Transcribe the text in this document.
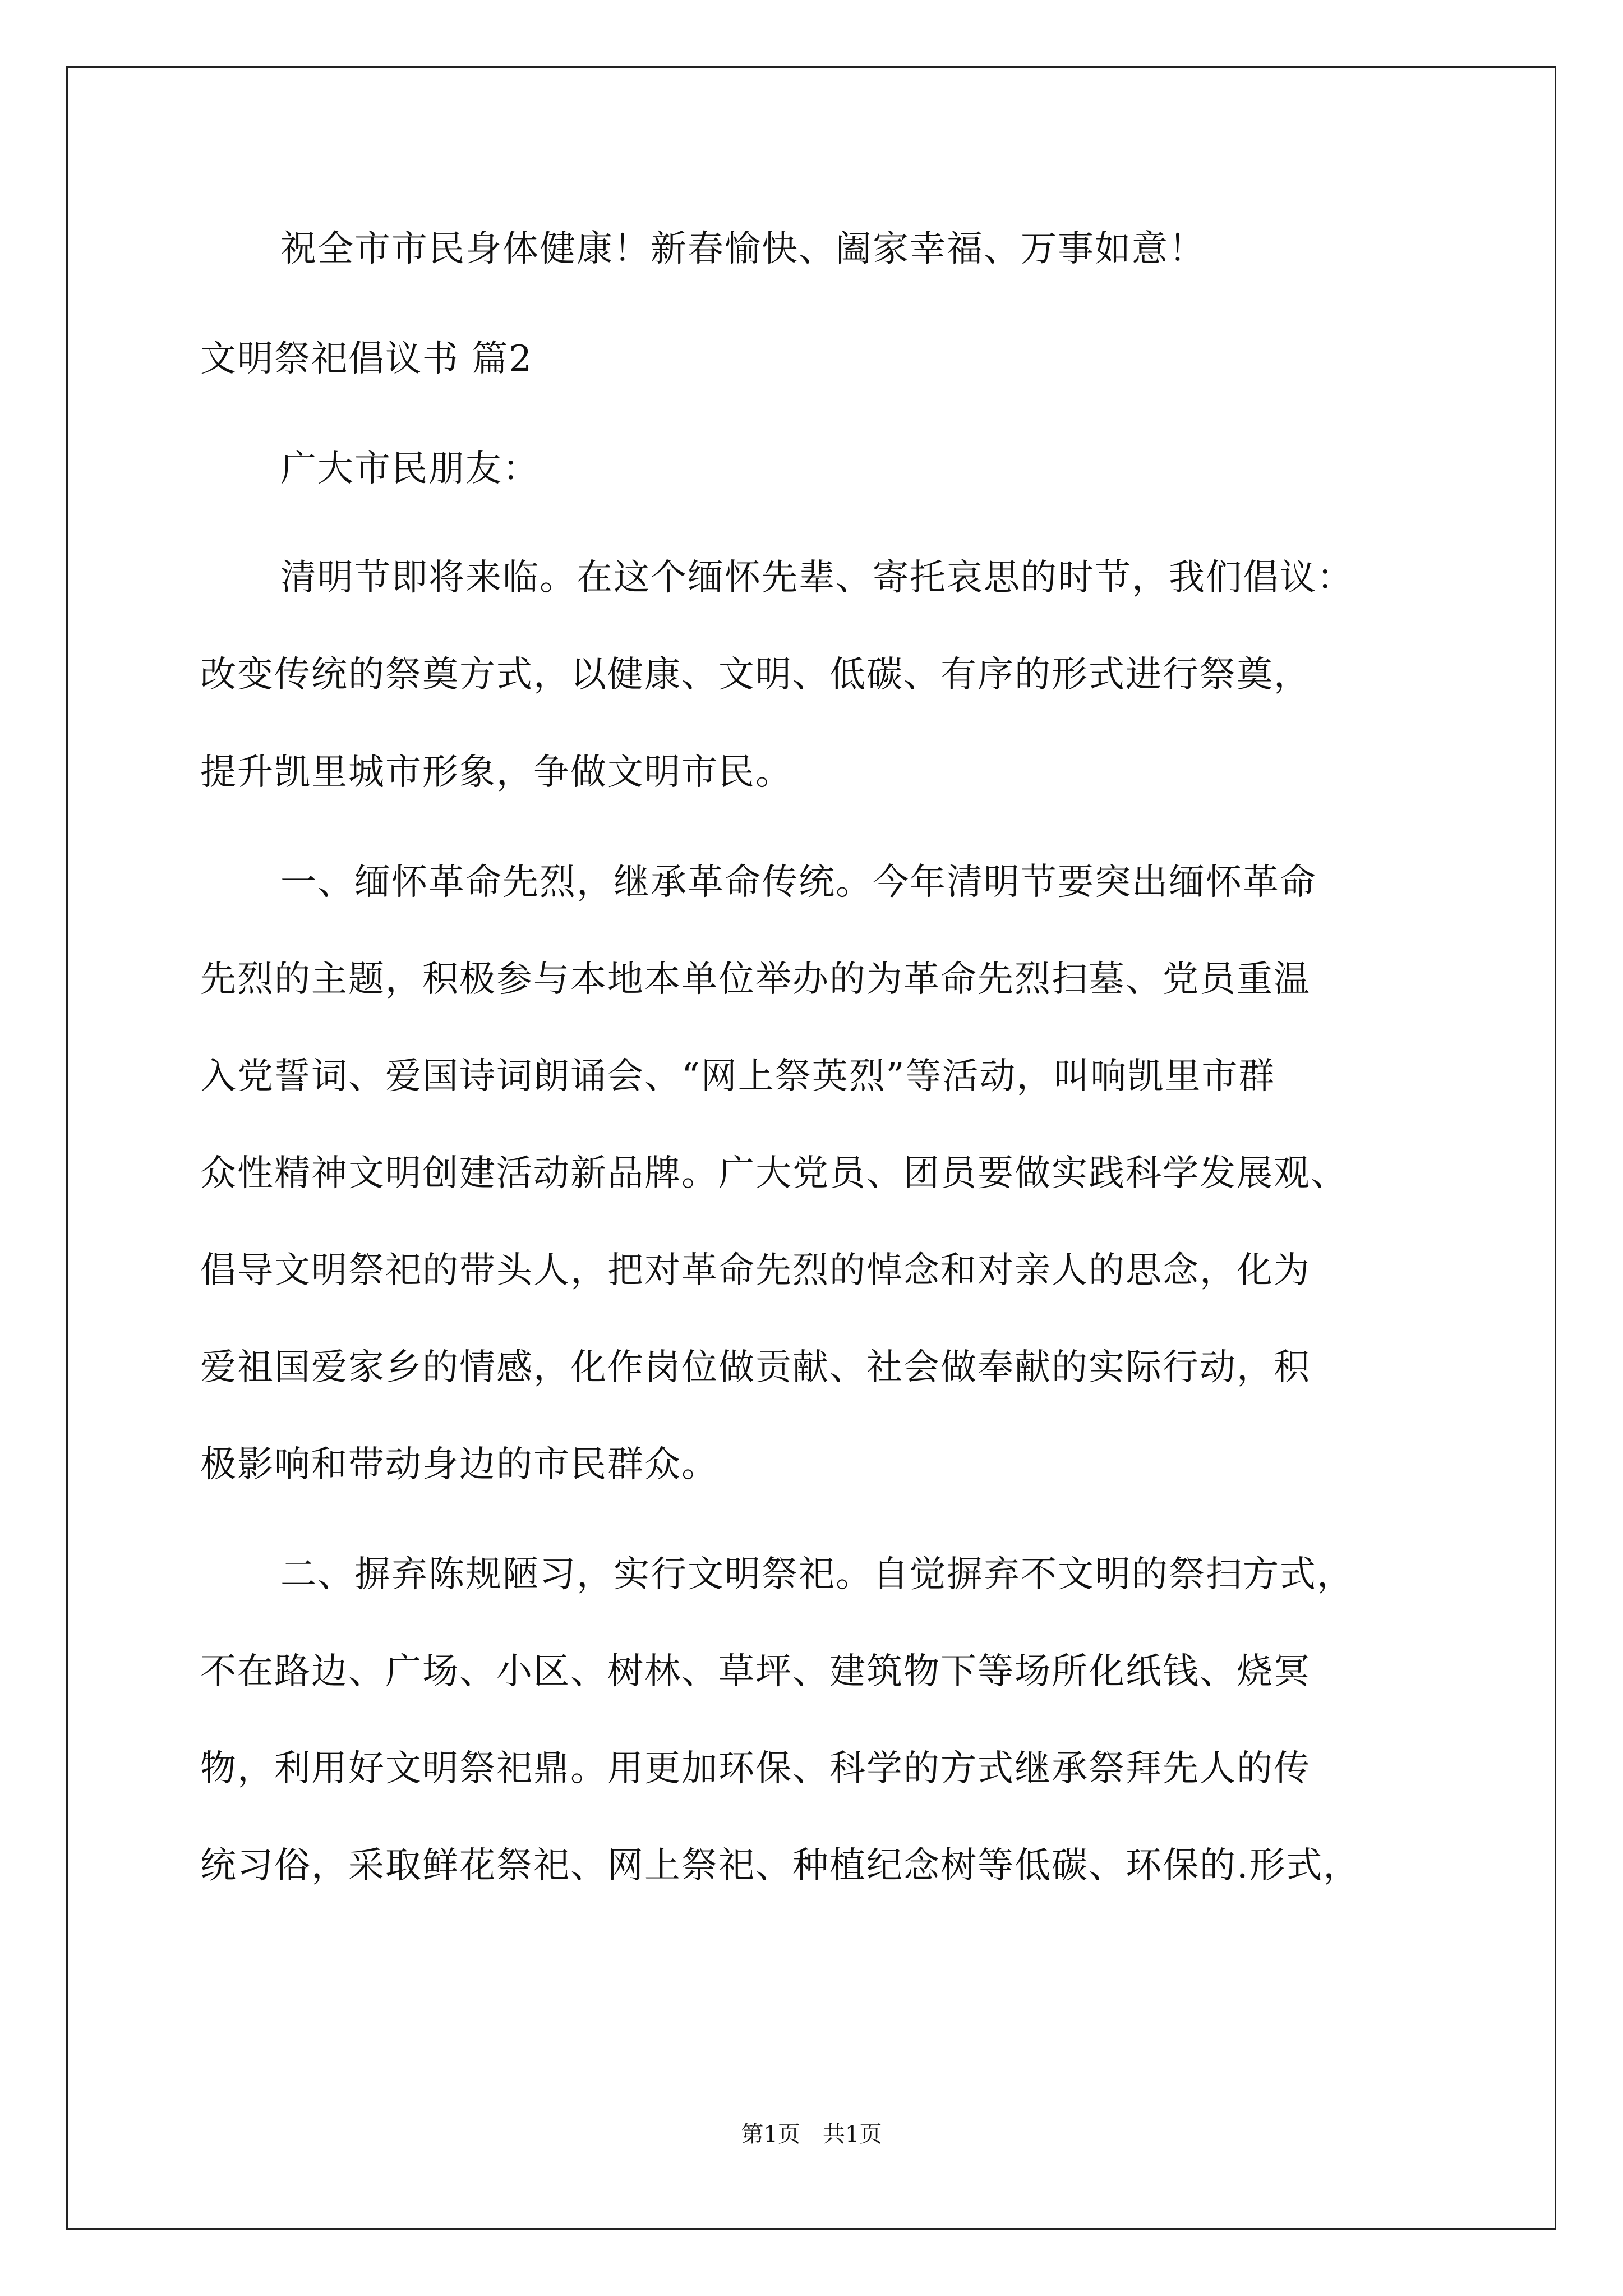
祝全市市民身体健康！新春愉快、阖家幸福、万事如意！
文明祭祀倡议书 篇2
广大市民朋友：
清明节即将来临。在这个缅怀先辈、寄托哀思的时节，我们倡议：
改变传统的祭奠方式，以健康、文明、低碳、有序的形式进行祭奠，
提升凯里城市形象，争做文明市民。
一、缅怀革命先烈，继承革命传统。今年清明节要突出缅怀革命
先烈的主题，积极参与本地本单位举办的为革命先烈扫墓、党员重温
入党誓词、爱国诗词朗诵会、“网上祭英烈”等活动，叫响凯里市群
众性精神文明创建活动新品牌。广大党员、团员要做实践科学发展观、
倡导文明祭祀的带头人，把对革命先烈的悼念和对亲人的思念，化为
爱祖国爱家乡的情感，化作岗位做贡献、社会做奉献的实际行动，积
极影响和带动身边的市民群众。
二、摒弃陈规陋习，实行文明祭祀。自觉摒弃不文明的祭扫方式，
不在路边、广场、小区、树林、草坪、建筑物下等场所化纸钱、烧冥
物，利用好文明祭祀鼎。用更加环保、科学的方式继承祭拜先人的传
统习俗，采取鲜花祭祀、网上祭祀、种植纪念树等低碳、环保的.形式，
第1页　共1页
